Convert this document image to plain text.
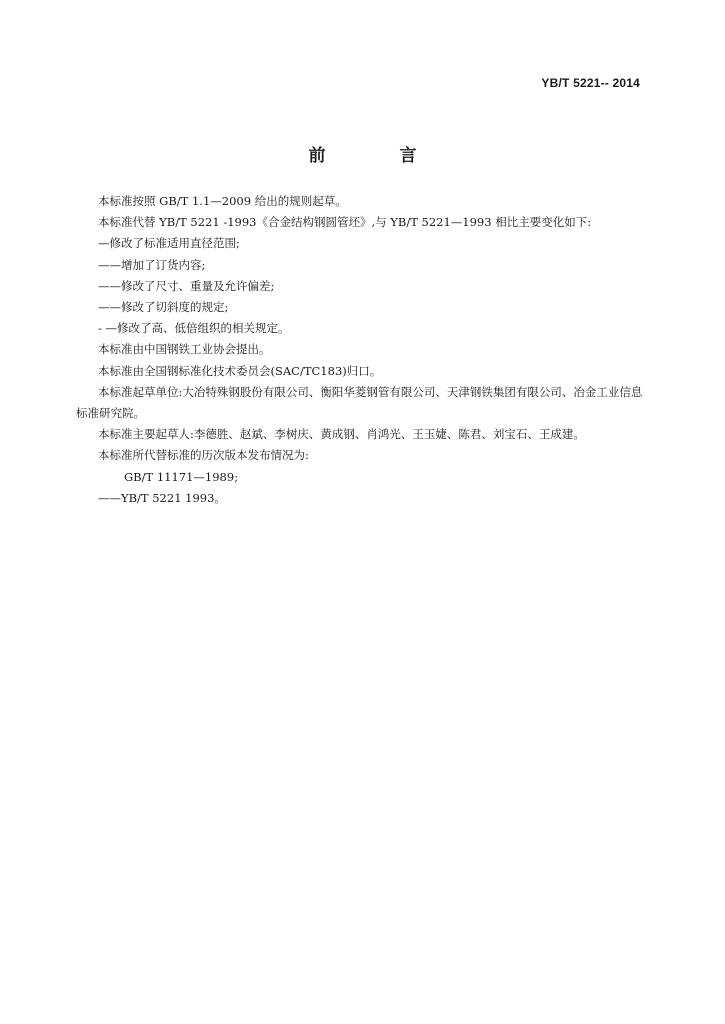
YB/T 5221-- 2014
前 言

本标准按照 GB/T 1.1—2009 给出的规则起草。

本标准代替 YB/T 5221 -1993《合金结构钢圆管坯》,与 YB/T 5221—1993 相比主要变化如下:

—修改了标准适用直径范围;

——增加了订货内容;

——修改了尺寸、重量及允许偏差;

——修改了切斜度的规定;

- —修改了高、低倍组织的相关规定。

本标准由中国钢铁工业协会提出。

本标准由全国钢标准化技术委员会(SAC/TC183)归口。

本标准起草单位:大冶特殊钢股份有限公司、衡阳华菱钢管有限公司、天津钢铁集团有限公司、冶金工业信息标准研究院。

本标准主要起草人:李德胜、赵斌、李树庆、黄成钢、肖鸿光、王玉婕、陈君、刘宝石、王成建。

本标准所代替标准的历次版本发布情况为:

GB/T 11171—1989;

——YB/T 5221 1993。
